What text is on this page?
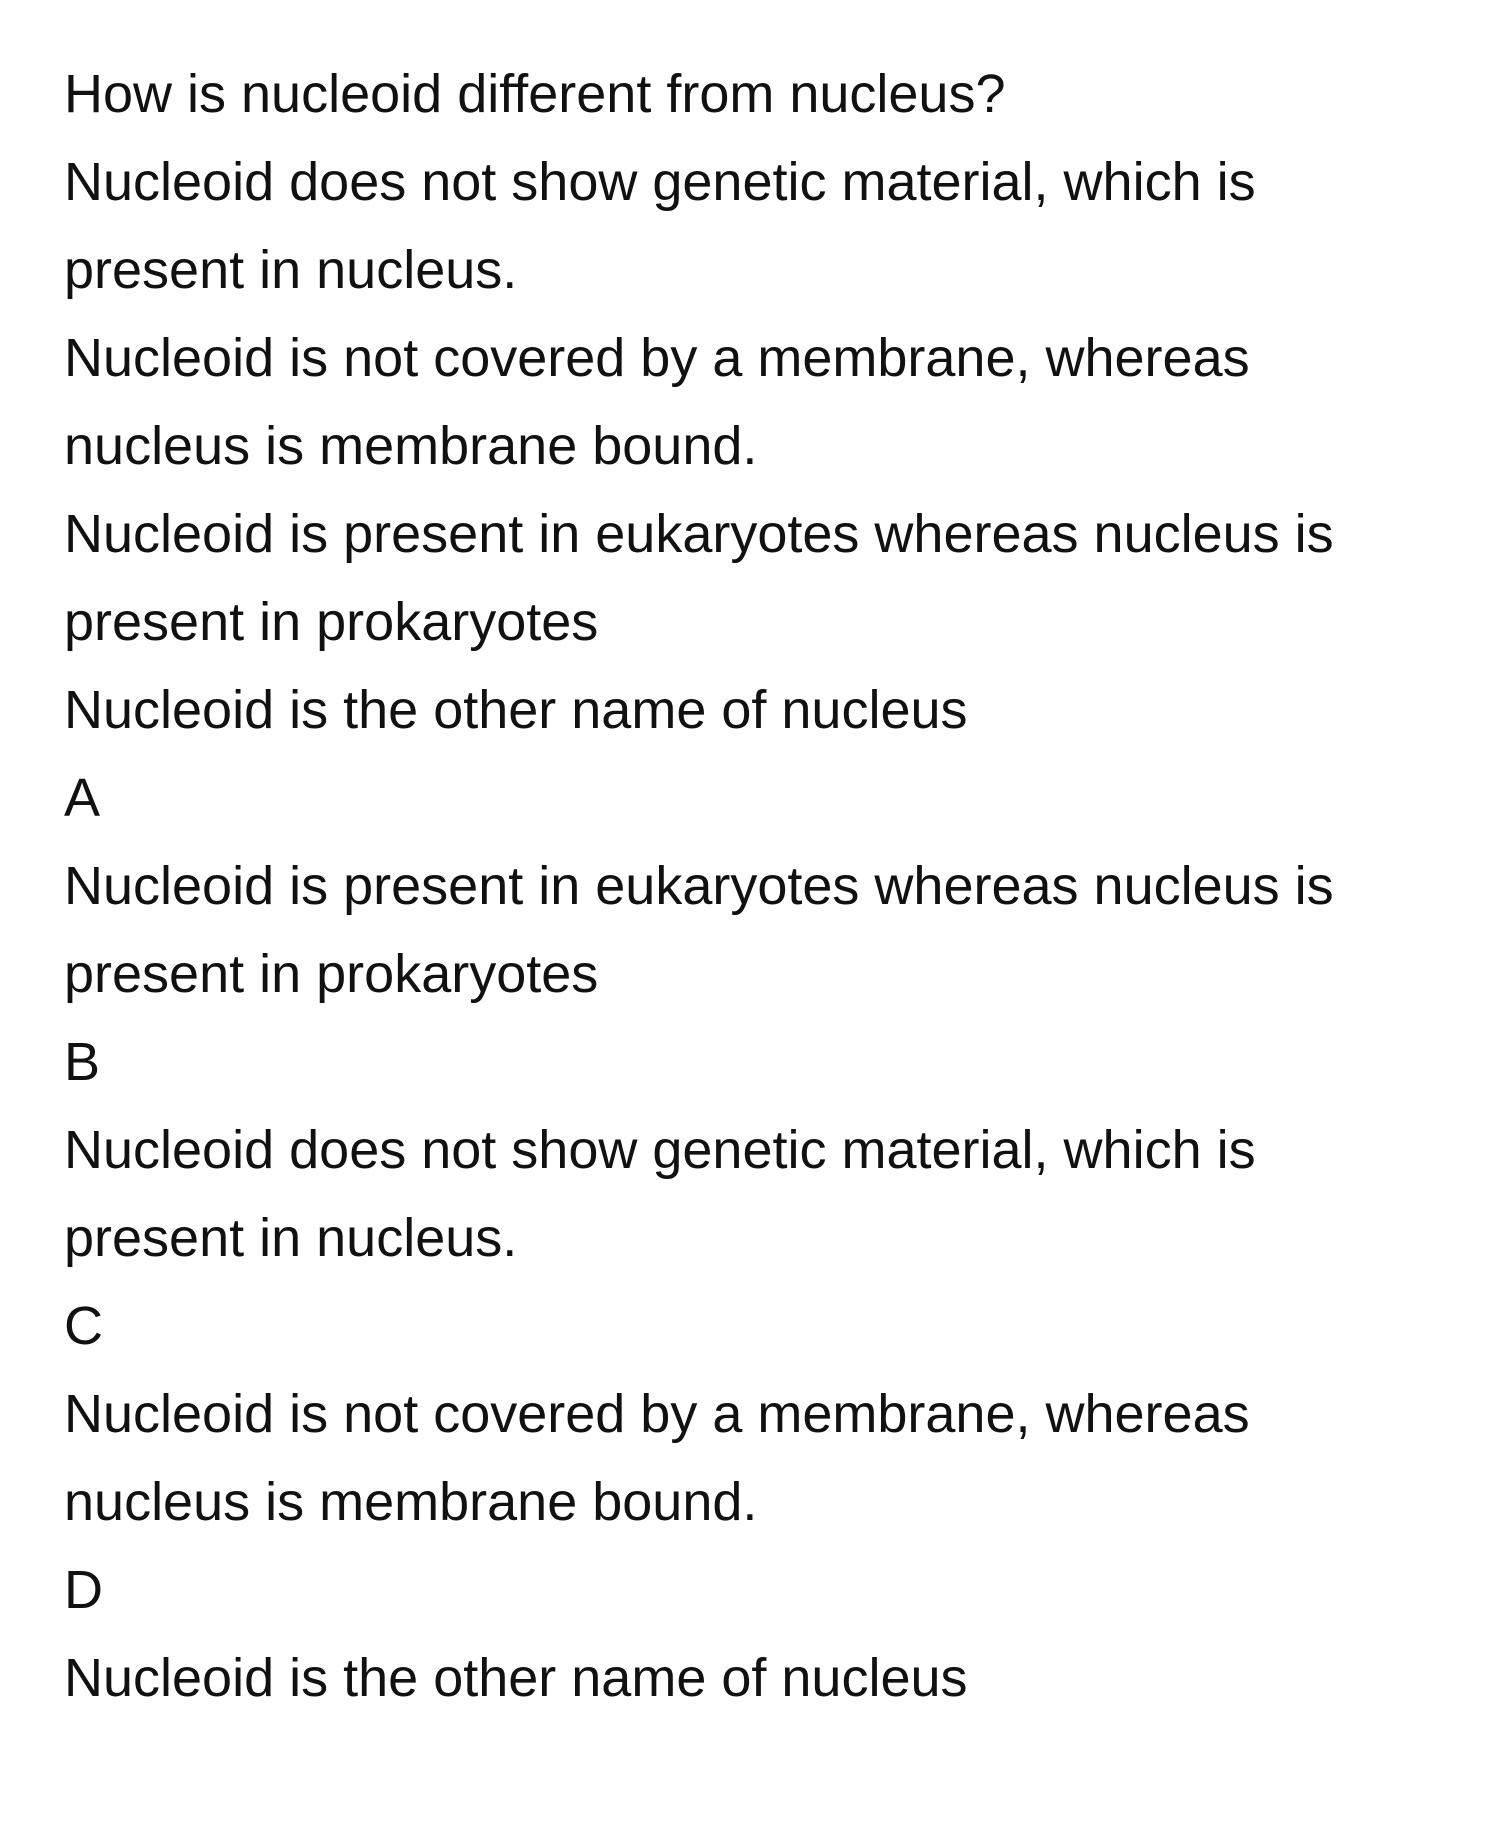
How is nucleoid different from nucleus?

Nucleoid does not show genetic material, which is

present in nucleus.

Nucleoid is not covered by a membrane, whereas

nucleus is membrane bound.

Nucleoid is present in eukaryotes whereas nucleus is

present in prokaryotes

Nucleoid is the other name of nucleus

A

Nucleoid is present in eukaryotes whereas nucleus is

present in prokaryotes

B

Nucleoid does not show genetic material, which is

present in nucleus.

C

Nucleoid is not covered by a membrane, whereas

nucleus is membrane bound.

D

Nucleoid is the other name of nucleus
